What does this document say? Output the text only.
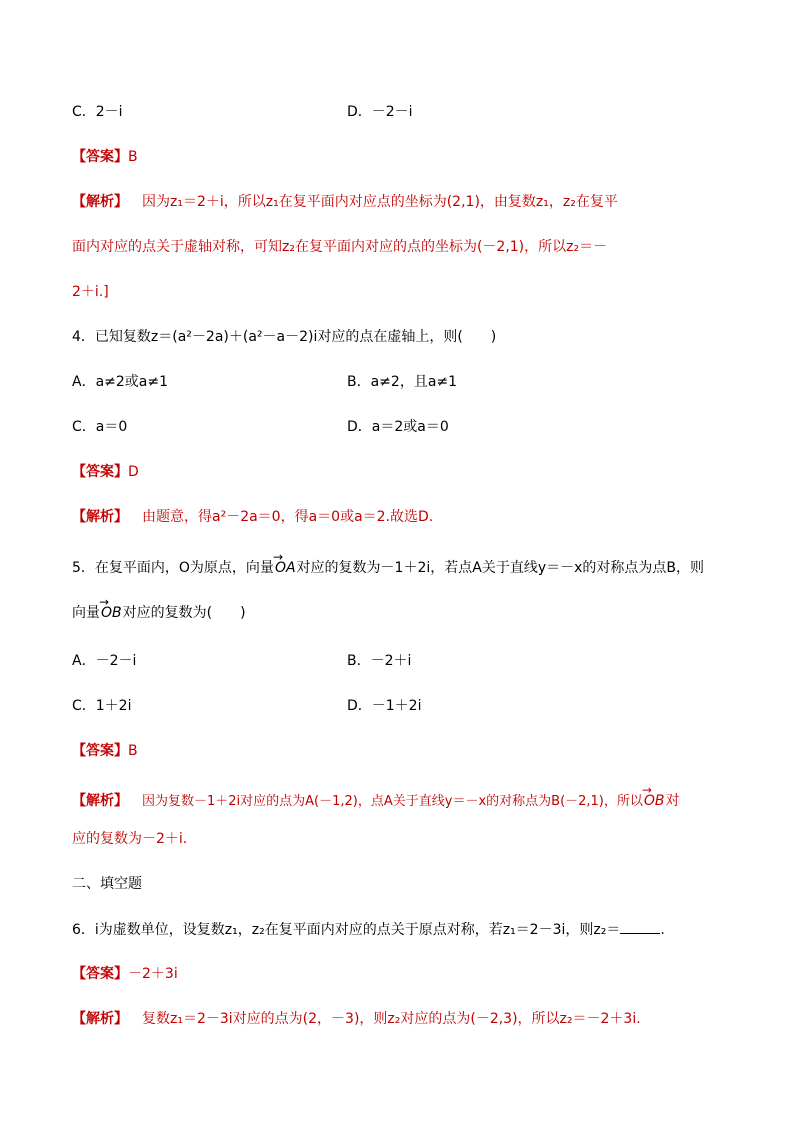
C．2－i	D．－2－i
【答案】B
【解析】 因为z₁＝2＋i，所以z₁在复平面内对应点的坐标为(2,1)，由复数z₁，z₂在复平
面内对应的点关于虚轴对称，可知z₂在复平面内对应的点的坐标为(－2,1)，所以z₂＝－
2＋i.]
4．已知复数z＝(a²－2a)＋(a²－a－2)i对应的点在虚轴上，则(　　)
A．a≠2或a≠1	B．a≠2，且a≠1
C．a＝0	D．a＝2或a＝0
【答案】D
【解析】 由题意，得a²－2a＝0，得a＝0或a＝2.故选D.
5．在复平面内，O为原点，向量→ OA对应的复数为－1＋2i，若点A关于直线y＝－x的对称点为点B，则
向量→ OB对应的复数为(　　)
A．－2－i	B．－2＋i
C．1＋2i	D．－1＋2i
【答案】B
【解析】 因为复数－1＋2i对应的点为A(－1,2)，点A关于直线y＝－x的对称点为B(－2,1)，所以→ OB对
应的复数为－2＋i.
二、填空题
6．i为虚数单位，设复数z₁，z₂在复平面内对应的点关于原点对称，若z₁＝2－3i，则z₂＝	.
【答案】－2＋3i
【解析】 复数z₁＝2－3i对应的点为(2，－3)，则z₂对应的点为(－2,3)，所以z₂＝－2＋3i.
